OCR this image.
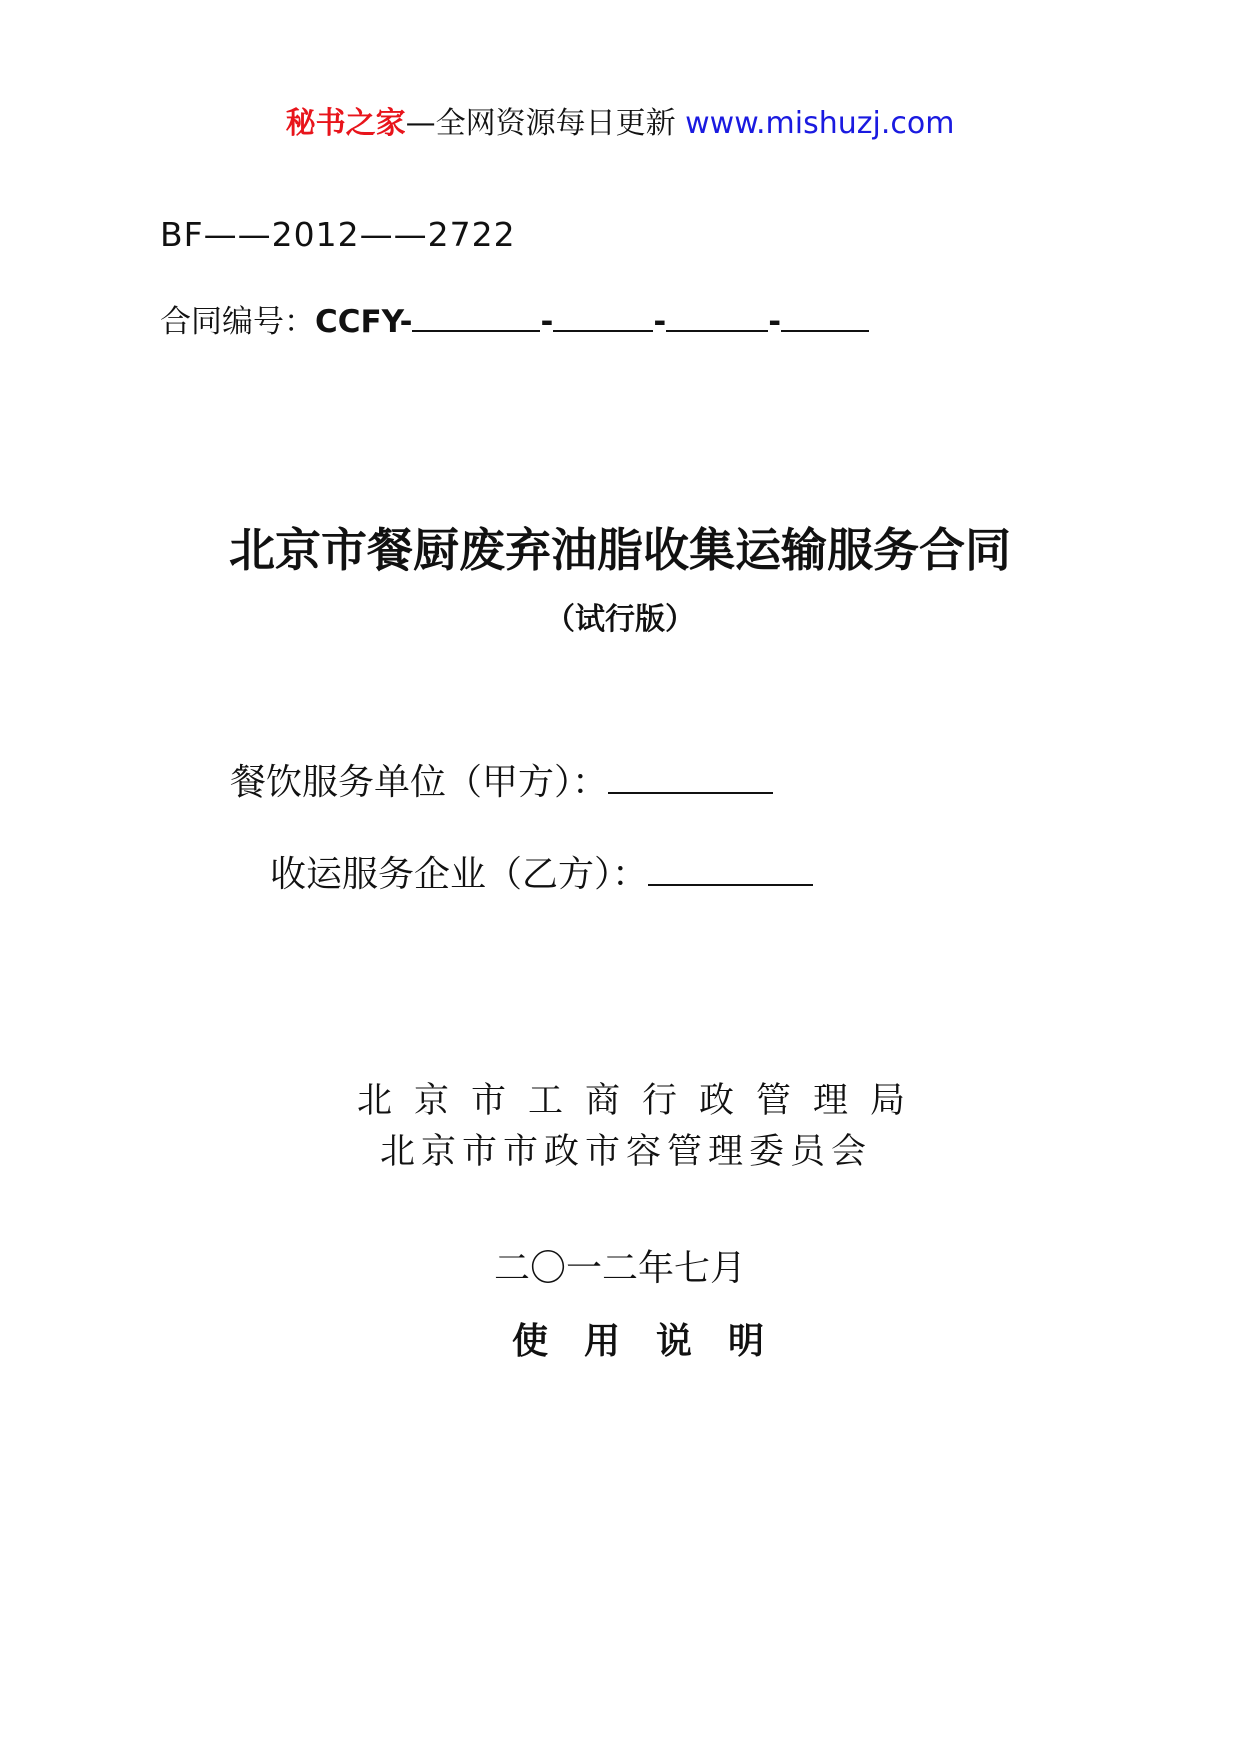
秘书之家—全网资源每日更新 www.mishuzj.com
BF——2012——2722
合同编号：CCFY-	-	-	-
北京市餐厨废弃油脂收集运输服务合同
（试行版）
餐饮服务单位（甲方）：
收运服务企业（乙方）：
北京市工商行政管理局
北京市市政市容管理委员会
二〇一二年七月
使用说明
